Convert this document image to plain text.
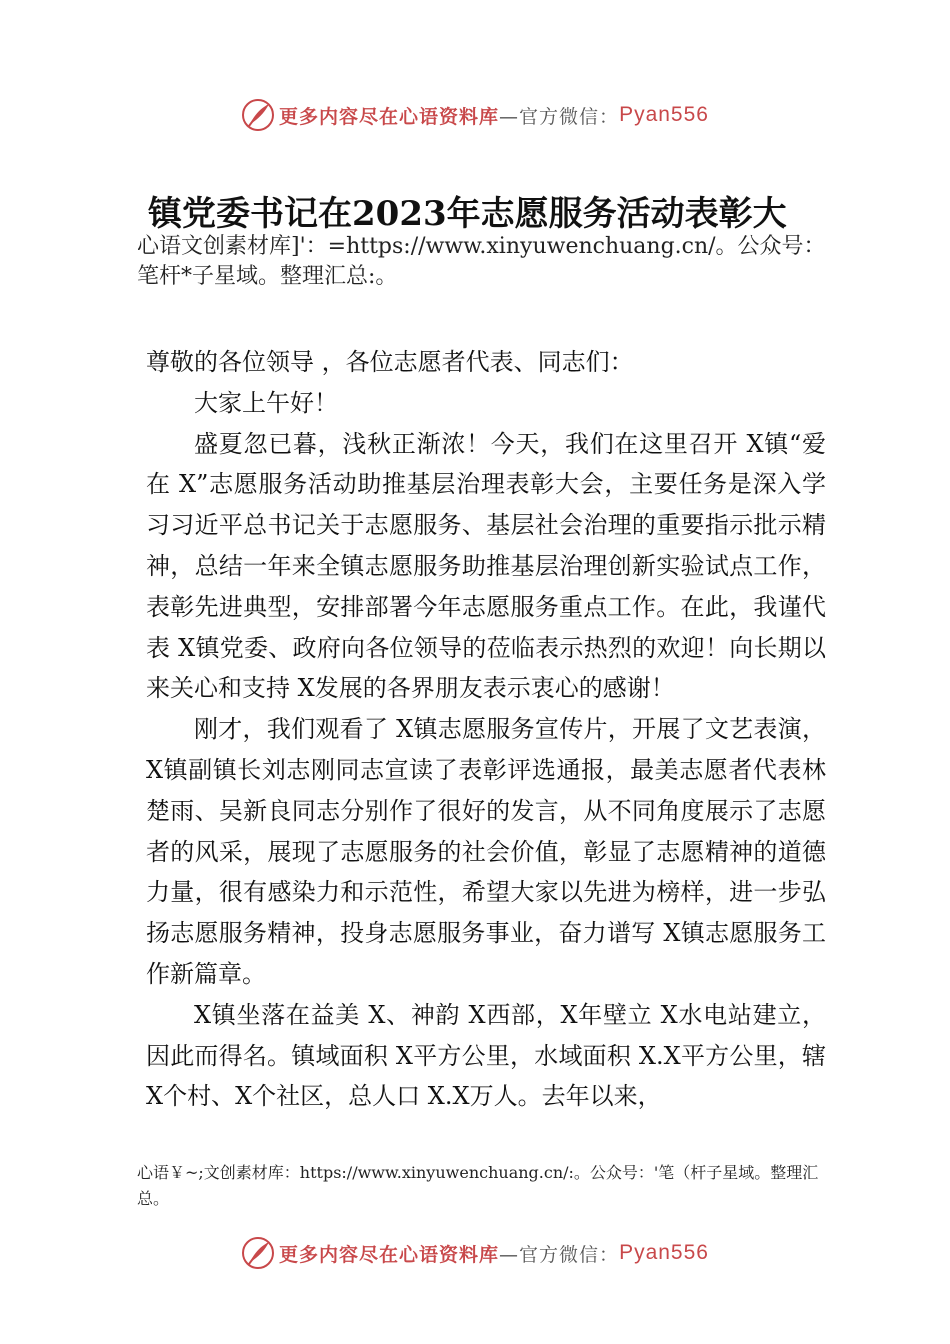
更多内容尽在心语资料库 —官方微信： Pyan556
镇党委书记在2023年志愿服务活动表彰大
心语文创素材库]'：=https://www.xinyuwenchuang.cn/。公众号：笔杆*子星域。整理汇总:。

尊敬的各位领导 ，各位志愿者代表、同志们：

大家上午好！

盛夏忽已暮，浅秋正渐浓！今天，我们在这里召开 X镇“爱在 X”志愿服务活动助推基层治理表彰大会，主要任务是深入学习习近平总书记关于志愿服务、基层社会治理的重要指示批示精神，总结一年来全镇志愿服务助推基层治理创新实验试点工作，表彰先进典型，安排部署今年志愿服务重点工作。在此，我谨代表 X镇党委、政府向各位领导的莅临表示热烈的欢迎！向长期以来关心和支持 X发展的各界朋友表示衷心的感谢！

刚才，我们观看了 X镇志愿服务宣传片，开展了文艺表演，X镇副镇长刘志刚同志宣读了表彰评选通报，最美志愿者代表林楚雨、吴新良同志分别作了很好的发言，从不同角度展示了志愿者的风采，展现了志愿服务的社会价值，彰显了志愿精神的道德力量，很有感染力和示范性，希望大家以先进为榜样，进一步弘扬志愿服务精神，投身志愿服务事业，奋力谱写 X镇志愿服务工作新篇章。

X镇坐落在益美 X、神韵 X西部，X年壁立 X水电站建立，因此而得名。镇域面积 X平方公里，水域面积 X.X平方公里，辖 X个村、X个社区，总人口 X.X万人。去年以来，

心语￥~;文创素材库：https://www.xinyuwenchuang.cn/:。公众号：'笔（杆子星域。整理汇总。
更多内容尽在心语资料库 —官方微信： Pyan556
